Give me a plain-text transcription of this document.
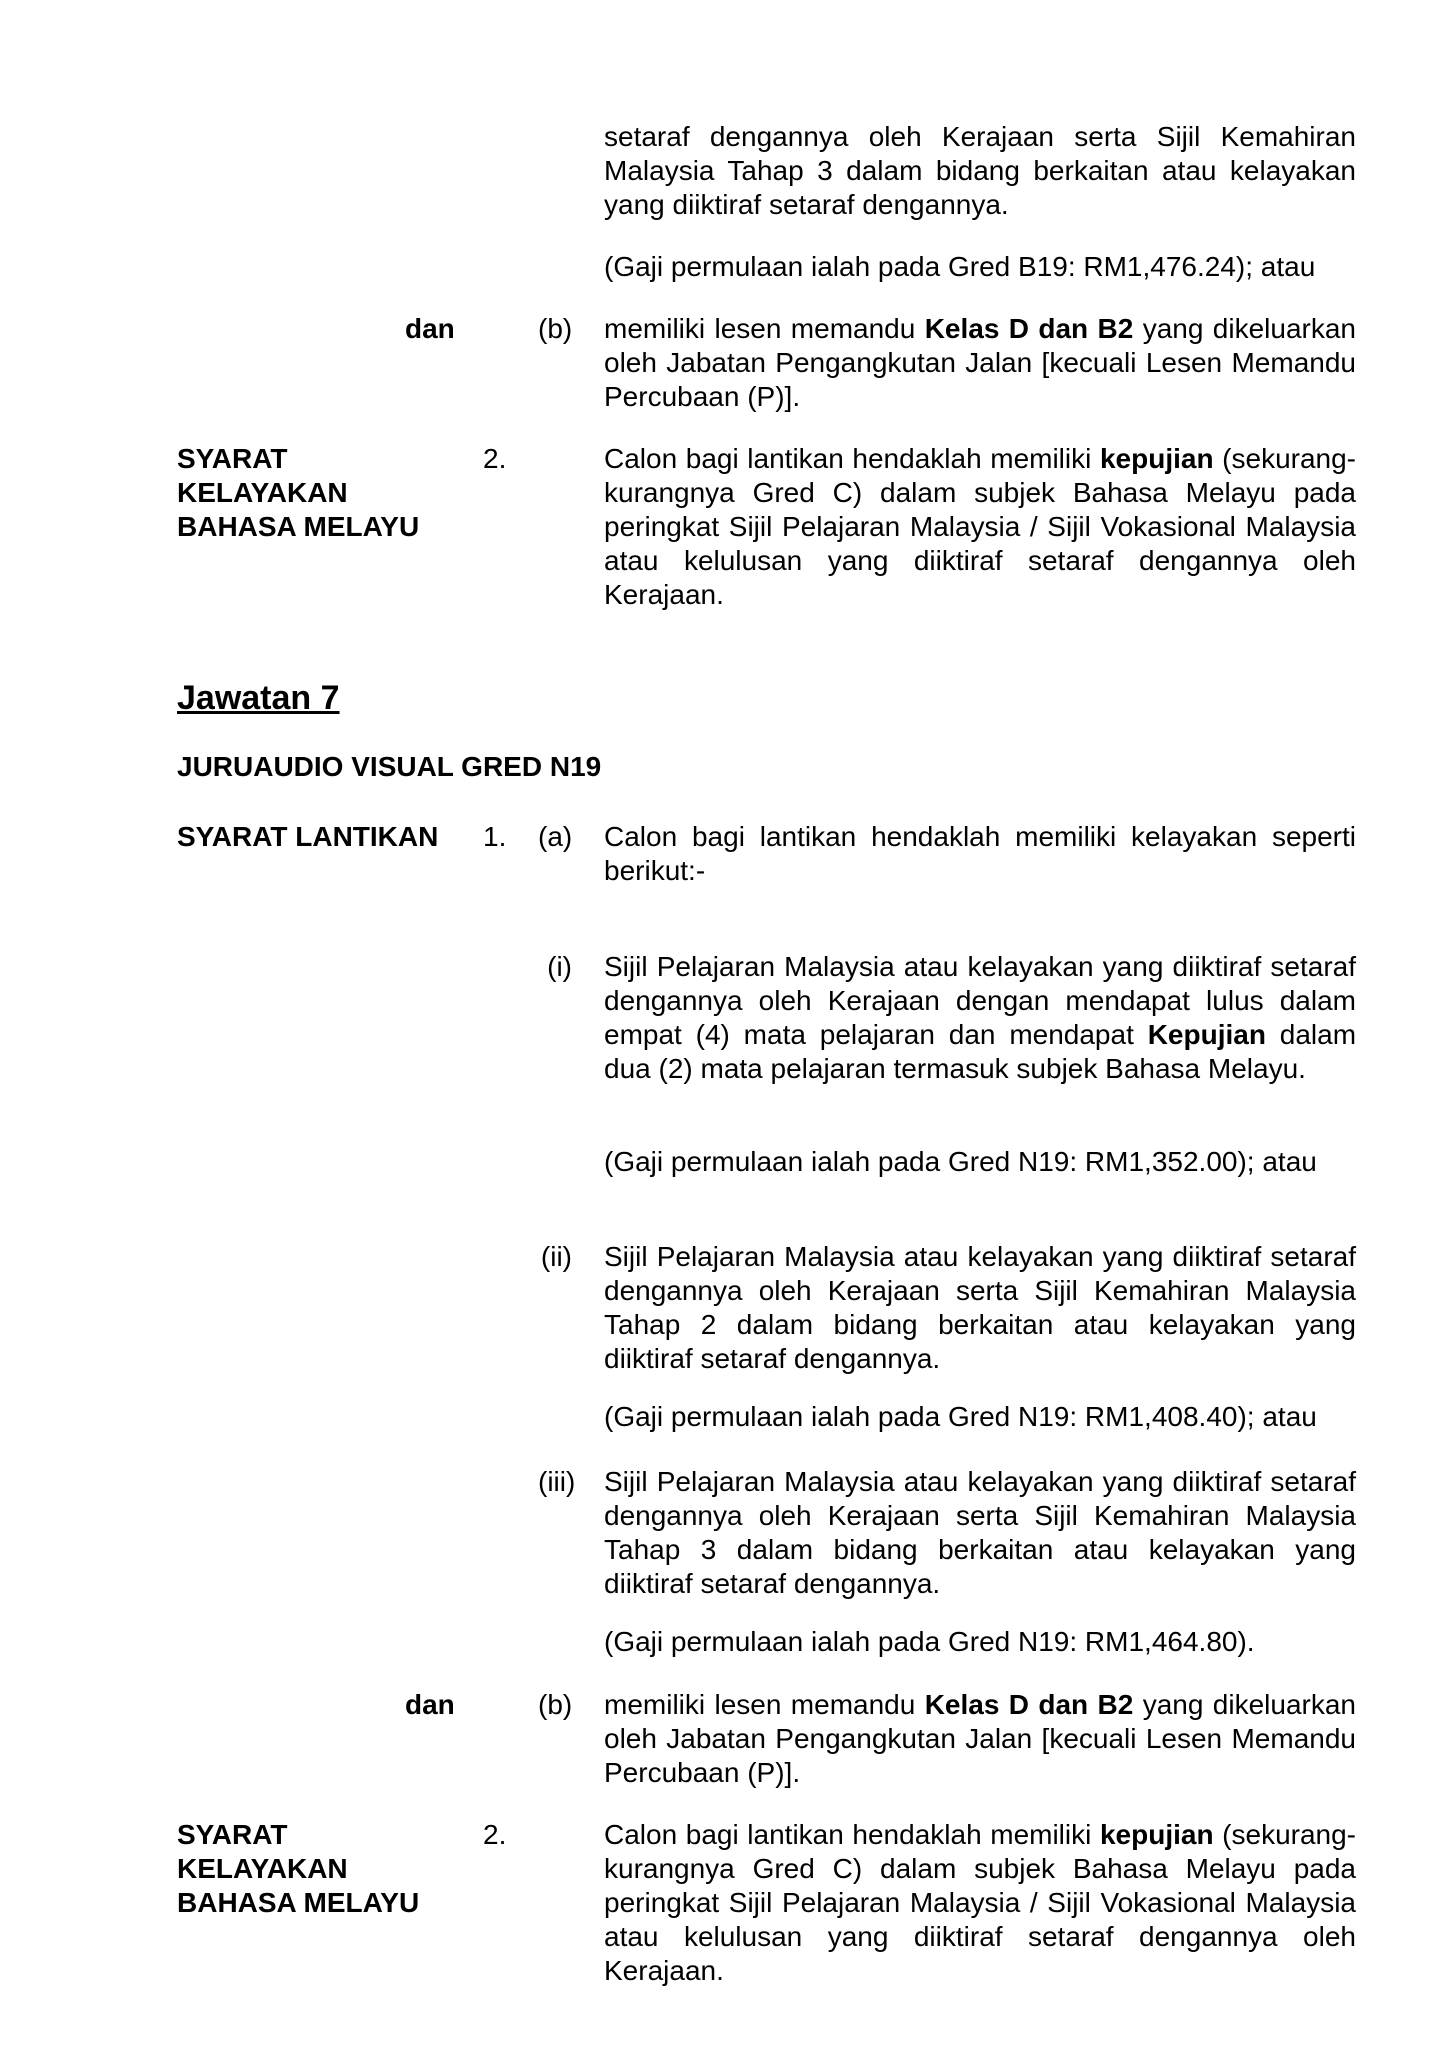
setaraf dengannya oleh Kerajaan serta Sijil Kemahiran
Malaysia Tahap 3 dalam bidang berkaitan atau kelayakan
yang diiktiraf setaraf dengannya.
(Gaji permulaan ialah pada Gred B19: RM1,476.24); atau
dan	(b) memiliki lesen memandu Kelas D dan B2 yang dikeluarkan oleh Jabatan Pengangkutan Jalan [kecuali Lesen Memandu Percubaan (P)].
SYARAT
KELAYAKAN
BAHASA MELAYU
2.	Calon bagi lantikan hendaklah memiliki kepujian (sekurang-kurangnya Gred C) dalam subjek Bahasa Melayu pada peringkat Sijil Pelajaran Malaysia / Sijil Vokasional Malaysia atau kelulusan yang diiktiraf setaraf dengannya oleh Kerajaan.
Jawatan 7
JURUAUDIO VISUAL GRED N19
SYARAT LANTIKAN 1. (a) Calon bagi lantikan hendaklah memiliki kelayakan seperti berikut:-
(i) Sijil Pelajaran Malaysia atau kelayakan yang diiktiraf setaraf dengannya oleh Kerajaan dengan mendapat lulus dalam empat (4) mata pelajaran dan mendapat Kepujian dalam dua (2) mata pelajaran termasuk subjek Bahasa Melayu.
(Gaji permulaan ialah pada Gred N19: RM1,352.00); atau
(ii) Sijil Pelajaran Malaysia atau kelayakan yang diiktiraf setaraf dengannya oleh Kerajaan serta Sijil Kemahiran Malaysia Tahap 2 dalam bidang berkaitan atau kelayakan yang diiktiraf setaraf dengannya.
(Gaji permulaan ialah pada Gred N19: RM1,408.40); atau
(iii) Sijil Pelajaran Malaysia atau kelayakan yang diiktiraf setaraf dengannya oleh Kerajaan serta Sijil Kemahiran Malaysia Tahap 3 dalam bidang berkaitan atau kelayakan yang diiktiraf setaraf dengannya.
(Gaji permulaan ialah pada Gred N19: RM1,464.80).
dan	(b) memiliki lesen memandu Kelas D dan B2 yang dikeluarkan oleh Jabatan Pengangkutan Jalan [kecuali Lesen Memandu Percubaan (P)].
SYARAT
KELAYAKAN
BAHASA MELAYU
2.	Calon bagi lantikan hendaklah memiliki kepujian (sekurang-kurangnya Gred C) dalam subjek Bahasa Melayu pada peringkat Sijil Pelajaran Malaysia / Sijil Vokasional Malaysia atau kelulusan yang diiktiraf setaraf dengannya oleh Kerajaan.
